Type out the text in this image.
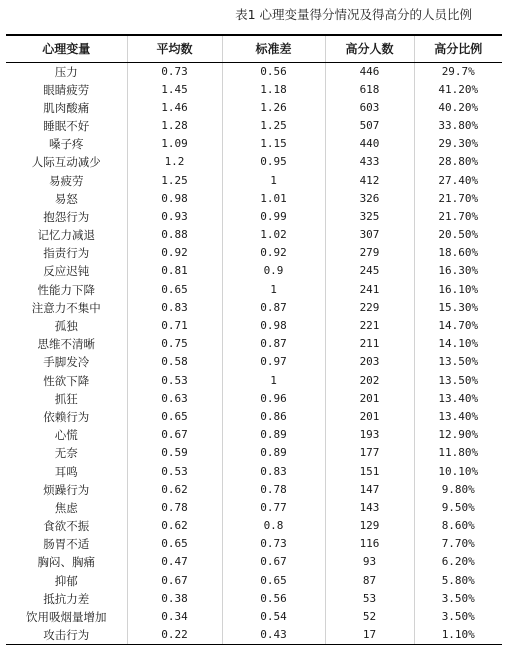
表1 心理变量得分情况及得高分的人员比例
心理变量	平均数	标准差	高分人数	高分比例
压力	0.73	0.56	446	29.7%
眼睛疲劳	1.45	1.18	618	41.20%
肌肉酸痛	1.46	1.26	603	40.20%
睡眠不好	1.28	1.25	507	33.80%
嗓子疼	1.09	1.15	440	29.30%
人际互动减少	1.2	0.95	433	28.80%
易疲劳	1.25	1	412	27.40%
易怒	0.98	1.01	326	21.70%
抱怨行为	0.93	0.99	325	21.70%
记忆力减退	0.88	1.02	307	20.50%
指责行为	0.92	0.92	279	18.60%
反应迟钝	0.81	0.9	245	16.30%
性能力下降	0.65	1	241	16.10%
注意力不集中	0.83	0.87	229	15.30%
孤独	0.71	0.98	221	14.70%
思维不清晰	0.75	0.87	211	14.10%
手脚发冷	0.58	0.97	203	13.50%
性欲下降	0.53	1	202	13.50%
抓狂	0.63	0.96	201	13.40%
依赖行为	0.65	0.86	201	13.40%
心慌	0.67	0.89	193	12.90%
无奈	0.59	0.89	177	11.80%
耳鸣	0.53	0.83	151	10.10%
烦躁行为	0.62	0.78	147	9.80%
焦虑	0.78	0.77	143	9.50%
食欲不振	0.62	0.8	129	8.60%
肠胃不适	0.65	0.73	116	7.70%
胸闷、胸痛	0.47	0.67	93	6.20%
抑郁	0.67	0.65	87	5.80%
抵抗力差	0.38	0.56	53	3.50%
饮用吸烟量增加	0.34	0.54	52	3.50%
攻击行为	0.22	0.43	17	1.10%
